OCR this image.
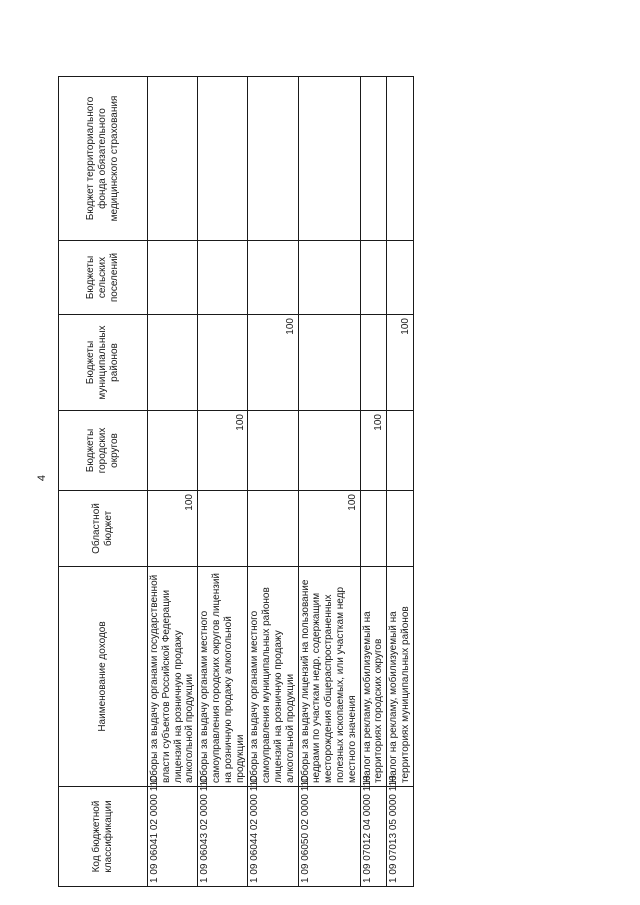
4
Код бюджетной классификации	Наименование доходов	Областной бюджет	Бюджеты городских округов	Бюджеты муниципальных районов	Бюджеты сельских поселений	Бюджет территориального фонда обязательного медицинского страхования
1 09 06041 02 0000 110	Сборы за выдачу органами государственной власти субъектов Российской Федерации лицензий на розничную продажу алкогольной продукции	100				
1 09 06043 02 0000 110	Сборы за выдачу органами местного самоуправления городских округов лицензий на розничную продажу алкогольной продукции		100			
1 09 06044 02 0000 110	Сборы за выдачу органами местного самоуправления муниципальных районов лицензий на розничную продажу алкогольной продукции			100		
1 09 06050 02 0000 110	Сборы за выдачу лицензий на пользование недрами по участкам недр, содержащим месторождения общераспространенных полезных ископаемых, или участкам недр местного значения	100				
1 09 07012 04 0000 110	Налог на рекламу, мобилизуемый на территориях городских округов		100			
1 09 07013 05 0000 110	Налог на рекламу, мобилизуемый на территориях муниципальных районов			100		
